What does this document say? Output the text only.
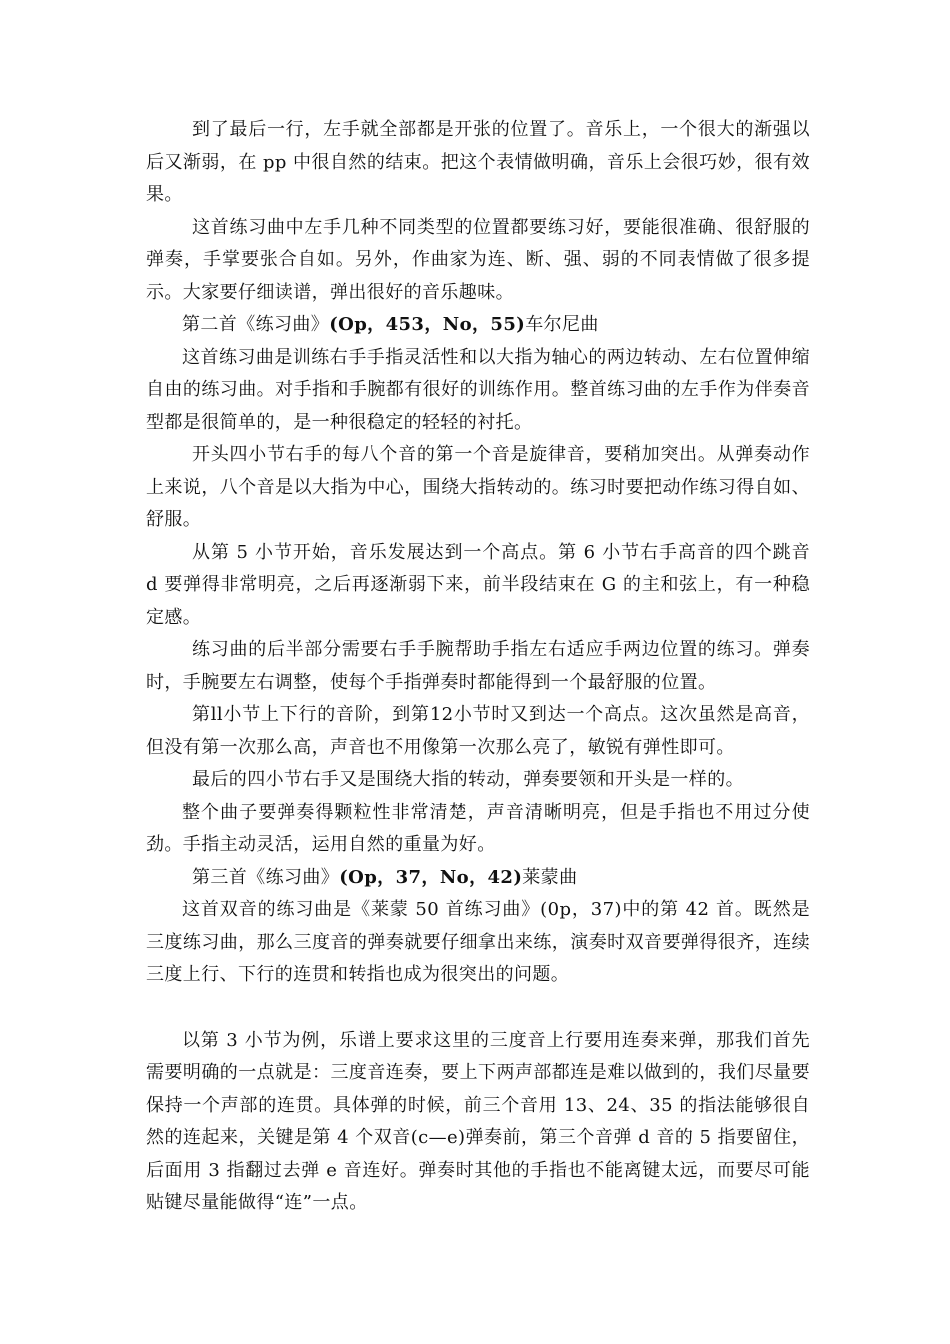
到了最后一行，左手就全部都是开张的位置了。音乐上，一个很大的渐强以后又渐弱，在 pp 中很自然的结束。把这个表情做明确，音乐上会很巧妙，很有效果。

这首练习曲中左手几种不同类型的位置都要练习好，要能很准确、很舒服的弹奏，手掌要张合自如。另外，作曲家为连、断、强、弱的不同表情做了很多提示。大家要仔细读谱，弹出很好的音乐趣味。

第二首《练习曲》(Op，453，No，55)车尔尼曲

这首练习曲是训练右手手指灵活性和以大指为轴心的两边转动、左右位置伸缩自由的练习曲。对手指和手腕都有很好的训练作用。整首练习曲的左手作为伴奏音型都是很简单的，是一种很稳定的轻轻的衬托。

开头四小节右手的每八个音的第一个音是旋律音，要稍加突出。从弹奏动作上来说，八个音是以大指为中心，围绕大指转动的。练习时要把动作练习得自如、舒服。

从第 5 小节开始，音乐发展达到一个高点。第 6 小节右手高音的四个跳音 d 要弹得非常明亮，之后再逐渐弱下来，前半段结束在 G 的主和弦上，有一种稳定感。

练习曲的后半部分需要右手手腕帮助手指左右适应手两边位置的练习。弹奏时，手腕要左右调整，使每个手指弹奏时都能得到一个最舒服的位置。

第ll小节上下行的音阶，到第12小节时又到达一个高点。这次虽然是高音，但没有第一次那么高，声音也不用像第一次那么亮了，敏锐有弹性即可。

最后的四小节右手又是围绕大指的转动，弹奏要领和开头是一样的。

整个曲子要弹奏得颗粒性非常清楚，声音清晰明亮，但是手指也不用过分使劲。手指主动灵活，运用自然的重量为好。

第三首《练习曲》(Op，37，No，42)莱蒙曲

这首双音的练习曲是《莱蒙 50 首练习曲》(0p，37)中的第 42 首。既然是三度练习曲，那么三度音的弹奏就要仔细拿出来练，演奏时双音要弹得很齐，连续三度上行、下行的连贯和转指也成为很突出的问题。

以第 3 小节为例，乐谱上要求这里的三度音上行要用连奏来弹，那我们首先需要明确的一点就是：三度音连奏，要上下两声部都连是难以做到的，我们尽量要保持一个声部的连贯。具体弹的时候，前三个音用 13、24、35 的指法能够很自然的连起来，关键是第 4 个双音(c—e)弹奏前，第三个音弹 d 音的 5 指要留住，后面用 3 指翻过去弹 e 音连好。弹奏时其他的手指也不能离键太远，而要尽可能贴键尽量能做得“连”一点。
